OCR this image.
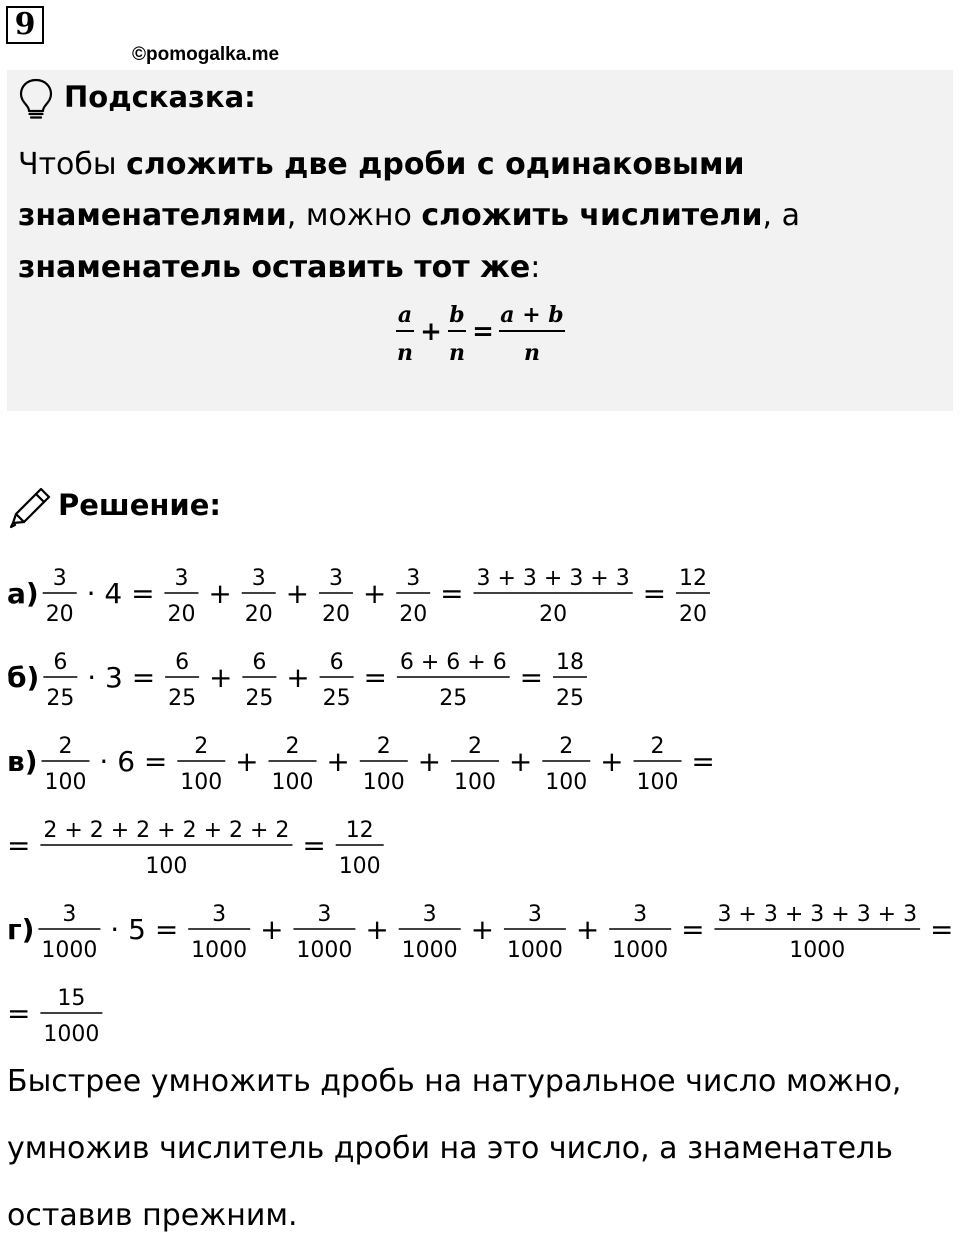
9
©pomogalka.me
Подсказка:
Чтобы сложить две дроби с одинаковыми
знаменателями, можно сложить числители, а
знаменатель оставить тот же:
a
n
+
b
n
=
a + b
n
Решение:
а) 3
20
· 4 = 3
20
+ 3
20
+ 3
20
+ 3
20
= 3 + 3 + 3 + 3
20
= 12
20
б) 6
25
· 3 = 6
25
+ 6
25
+ 6
25
= 6 + 6 + 6
25
= 18
25
в) 2
100
· 6 = 2
100
+ 2
100
+ 2
100
+ 2
100
+ 2
100
+ 2
100
=
= 2 + 2 + 2 + 2 + 2 + 2
100
= 12
100
г) 3
1000
· 5 = 3
1000
+ 3
1000
+ 3
1000
+ 3
1000
+ 3
1000
= 3 + 3 + 3 + 3 + 3
1000
=
= 15
1000
Быстрее умножить дробь на натуральное число можно,
умножив числитель дроби на это число, а знаменатель
оставив прежним.
